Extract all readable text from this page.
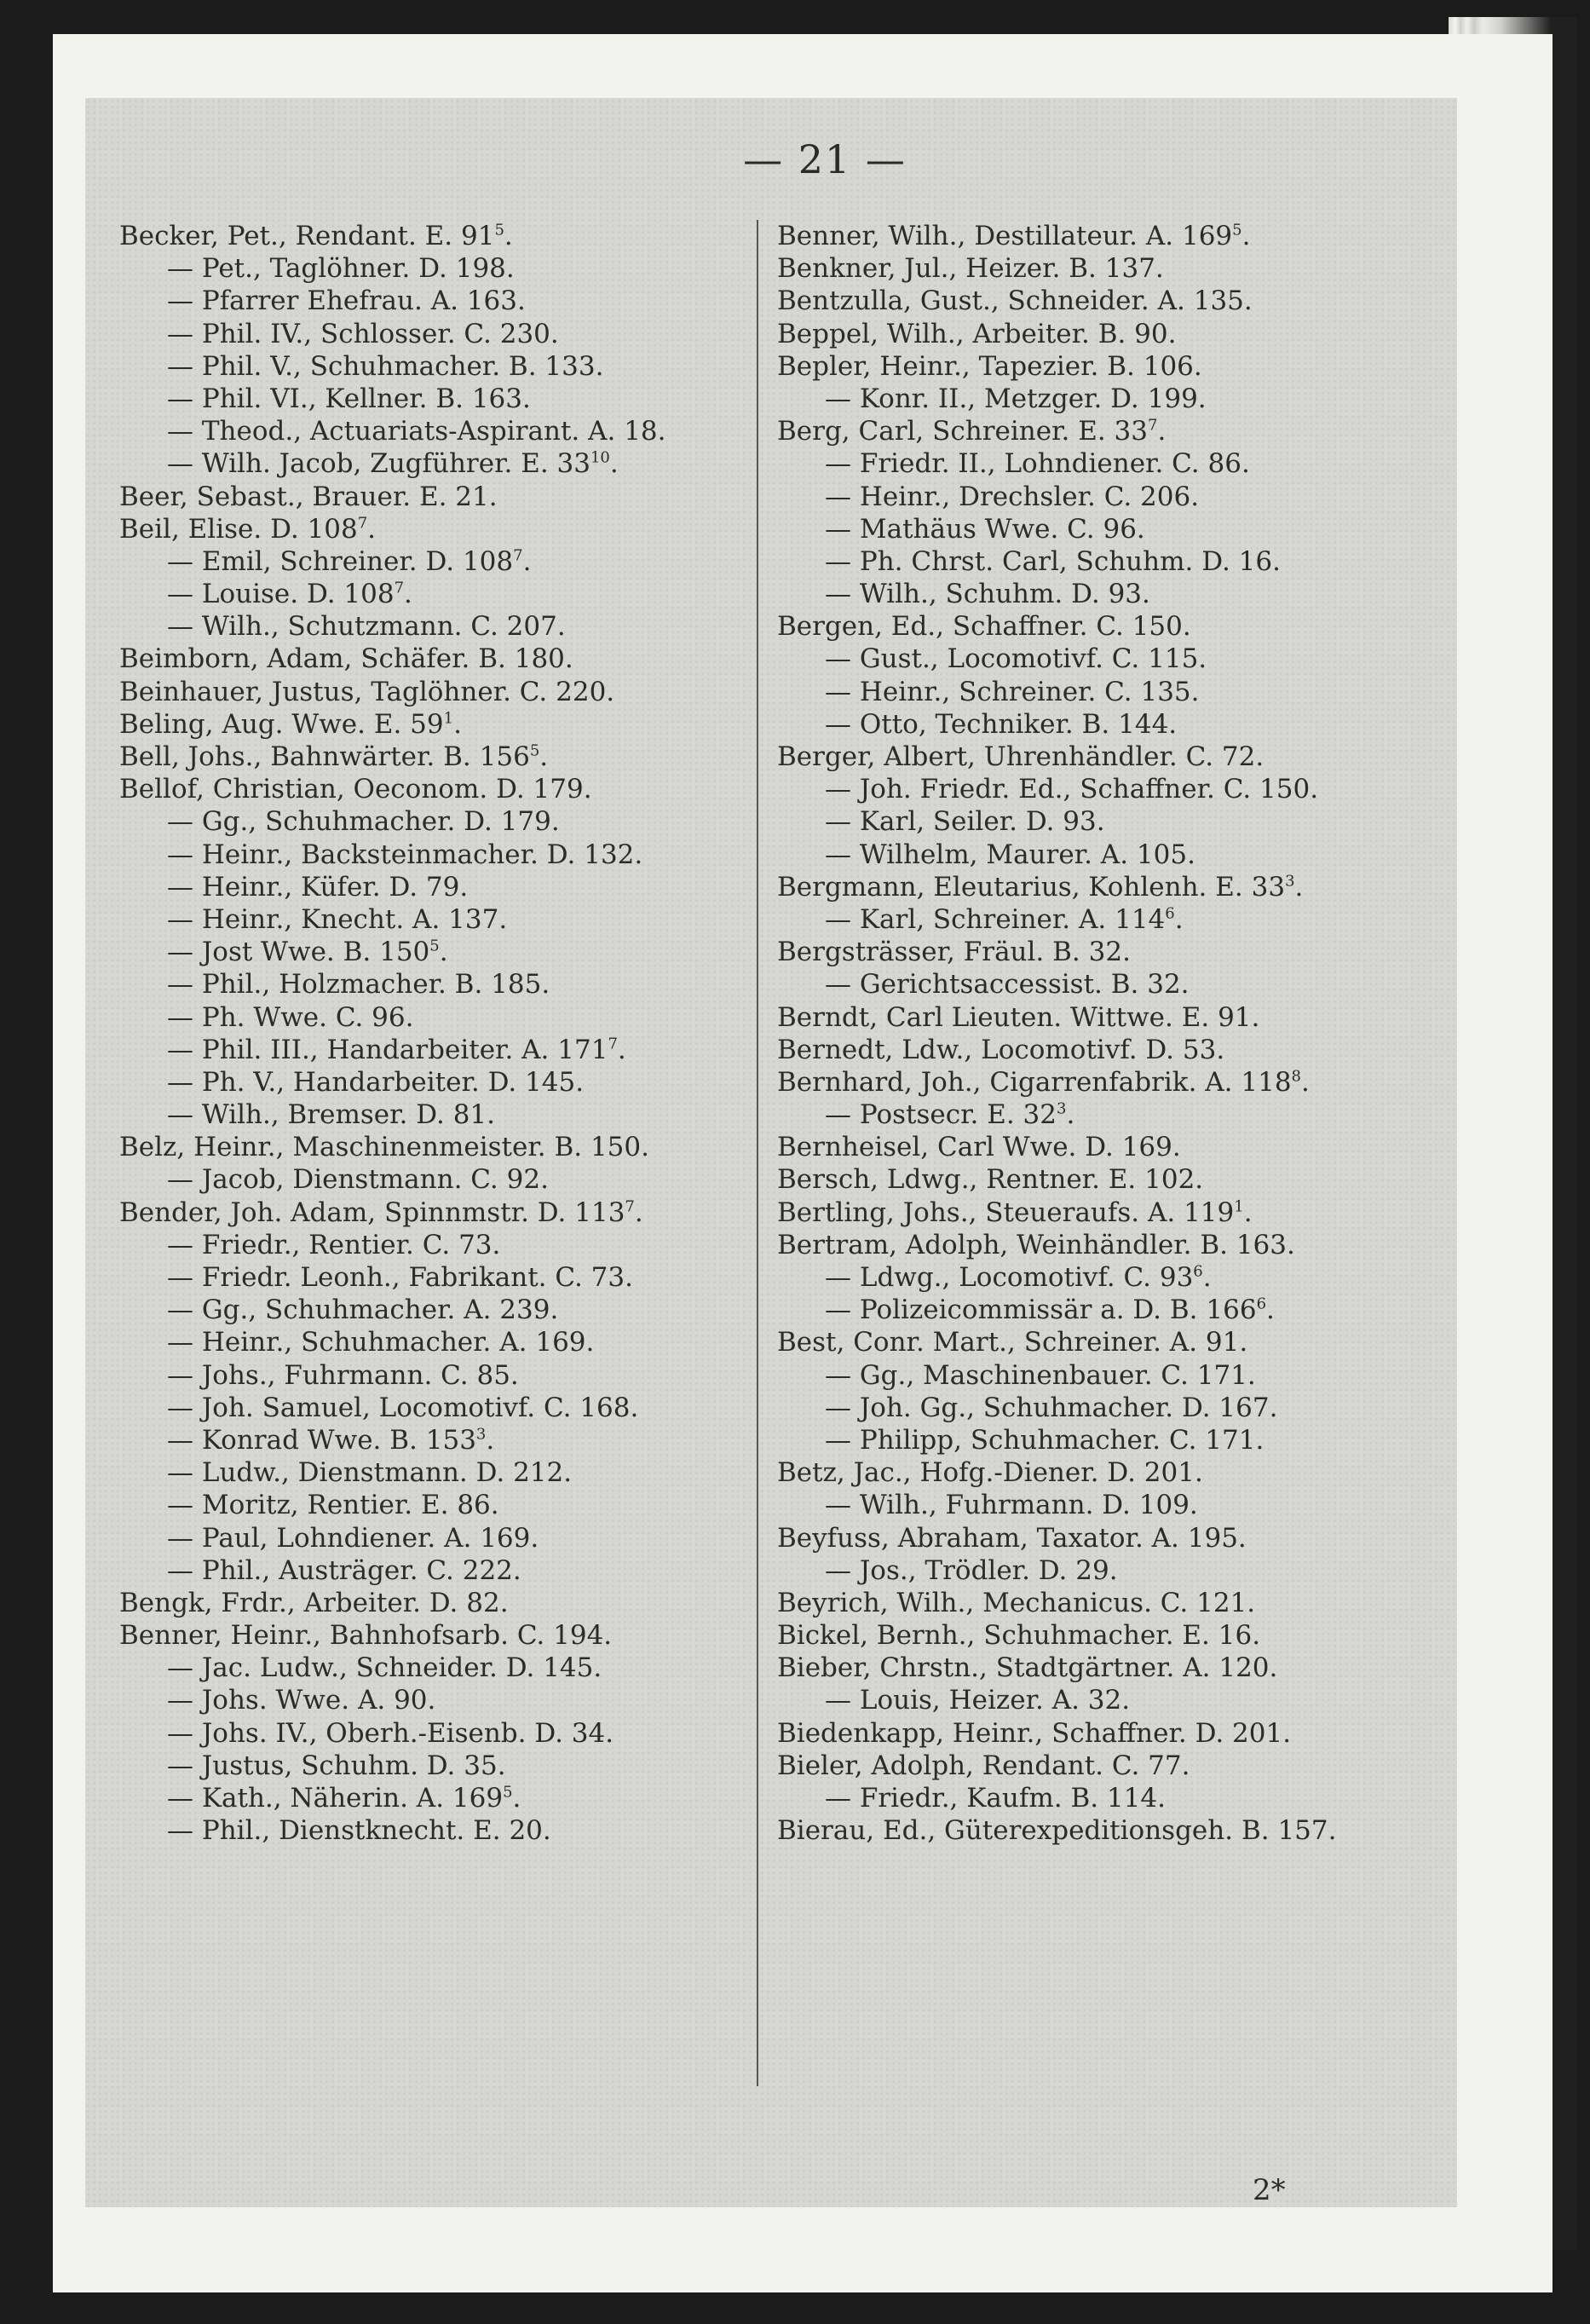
— 21 —
Becker, Pet., Rendant. E. $91^5$.
— Pet., Taglöhner. D. 198.
— Pfarrer Ehefrau. A. 163.
— Phil. IV., Schlosser. C. 230.
— Phil. V., Schuhmacher. B. 133.
— Phil. VI., Kellner. B. 163.
— Theod., Actuariats-Aspirant. A. 18.
— Wilh. Jacob, Zugführer. E. $33^{10}$.
Beer, Sebast., Brauer. E. 21.
Beil, Elise. D. $108^7$.
— Emil, Schreiner. D. $108^7$.
— Louise. D. $108^7$.
— Wilh., Schutzmann. C. 207.
Beimborn, Adam, Schäfer. B. 180.
Beinhauer, Justus, Taglöhner. C. 220.
Beling, Aug. Wwe. E. $59^1$.
Bell, Johs., Bahnwärter. B. $156^5$.
Bellof, Christian, Oeconom. D. 179.
— Gg., Schuhmacher. D. 179.
— Heinr., Backsteinmacher. D. 132.
— Heinr., Küfer. D. 79.
— Heinr., Knecht. A. 137.
— Jost Wwe. B. $150^5$.
— Phil., Holzmacher. B. 185.
— Ph. Wwe. C. 96.
— Phil. III., Handarbeiter. A. $171^7$.
— Ph. V., Handarbeiter. D. 145.
— Wilh., Bremser. D. 81.
Belz, Heinr., Maschinenmeister. B. 150.
— Jacob, Dienstmann. C. 92.
Bender, Joh. Adam, Spinnmstr. D. $113^7$.
— Friedr., Rentier. C. 73.
— Friedr. Leonh., Fabrikant. C. 73.
— Gg., Schuhmacher. A. 239.
— Heinr., Schuhmacher. A. 169.
— Johs., Fuhrmann. C. 85.
— Joh. Samuel, Locomotivf. C. 168.
— Konrad Wwe. B. $153^3$.
— Ludw., Dienstmann. D. 212.
— Moritz, Rentier. E. 86.
— Paul, Lohndiener. A. 169.
— Phil., Austräger. C. 222.
Bengk, Frdr., Arbeiter. D. 82.
Benner, Heinr., Bahnhofsarb. C. 194.
— Jac. Ludw., Schneider. D. 145.
— Johs. Wwe. A. 90.
— Johs. IV., Oberh.-Eisenb. D. 34.
— Justus, Schuhm. D. 35.
— Kath., Näherin. A. $169^5$.
— Phil., Dienstknecht. E. 20.
Benner, Wilh., Destillateur. A. $169^5$.
Benkner, Jul., Heizer. B. 137.
Bentzulla, Gust., Schneider. A. 135.
Beppel, Wilh., Arbeiter. B. 90.
Bepler, Heinr., Tapezier. B. 106.
— Konr. II., Metzger. D. 199.
Berg, Carl, Schreiner. E. $33^7$.
— Friedr. II., Lohndiener. C. 86.
— Heinr., Drechsler. C. 206.
— Mathäus Wwe. C. 96.
— Ph. Chrst. Carl, Schuhm. D. 16.
— Wilh., Schuhm. D. 93.
Bergen, Ed., Schaffner. C. 150.
— Gust., Locomotivf. C. 115.
— Heinr., Schreiner. C. 135.
— Otto, Techniker. B. 144.
Berger, Albert, Uhrenhändler. C. 72.
— Joh. Friedr. Ed., Schaffner. C. 150.
— Karl, Seiler. D. 93.
— Wilhelm, Maurer. A. 105.
Bergmann, Eleutarius, Kohlenh. E. $33^3$.
— Karl, Schreiner. A. $114^6$.
Bergsträsser, Fräul. B. 32.
— Gerichtsaccessist. B. 32.
Berndt, Carl Lieuten. Wittwe. E. 91.
Bernedt, Ldw., Locomotivf. D. 53.
Bernhard, Joh., Cigarrenfabrik. A. $118^8$.
— Postsecr. E. $32^3$.
Bernheisel, Carl Wwe. D. 169.
Bersch, Ldwg., Rentner. E. 102.
Bertling, Johs., Steueraufs. A. $119^1$.
Bertram, Adolph, Weinhändler. B. 163.
— Ldwg., Locomotivf. C. $93^6$.
— Polizeicommissär a. D. B. $166^6$.
Best, Conr. Mart., Schreiner. A. 91.
— Gg., Maschinenbauer. C. 171.
— Joh. Gg., Schuhmacher. D. 167.
— Philipp, Schuhmacher. C. 171.
Betz, Jac., Hofg.-Diener. D. 201.
— Wilh., Fuhrmann. D. 109.
Beyfuss, Abraham, Taxator. A. 195.
— Jos., Trödler. D. 29.
Beyrich, Wilh., Mechanicus. C. 121.
Bickel, Bernh., Schuhmacher. E. 16.
Bieber, Chrstn., Stadtgärtner. A. 120.
— Louis, Heizer. A. 32.
Biedenkapp, Heinr., Schaffner. D. 201.
Bieler, Adolph, Rendant. C. 77.
— Friedr., Kaufm. B. 114.
Bierau, Ed., Güterexpeditionsgeh. B. 157.
2*
